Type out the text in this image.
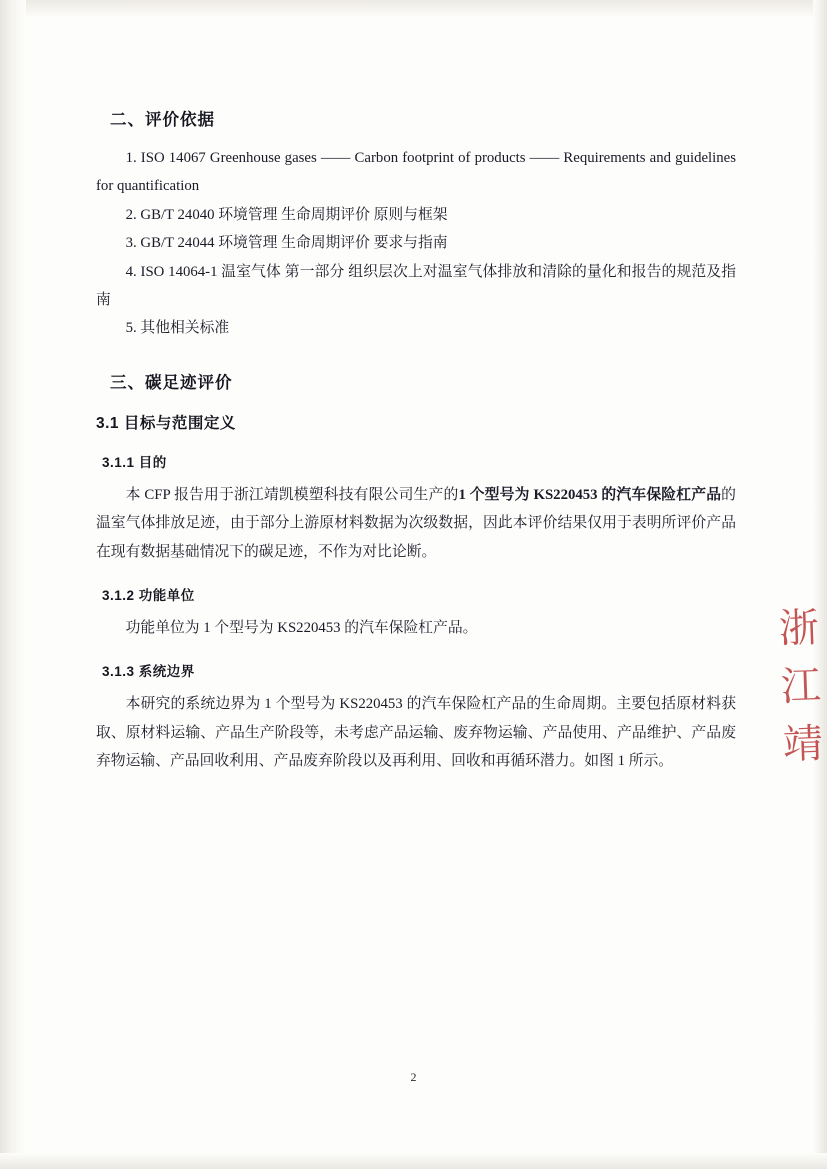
二、评价依据

1. ISO 14067 Greenhouse gases —— Carbon footprint of products —— Requirements and guidelines for quantification

2. GB/T 24040 环境管理 生命周期评价 原则与框架

3. GB/T 24044 环境管理 生命周期评价 要求与指南

4. ISO 14064-1 温室气体 第一部分 组织层次上对温室气体排放和清除的量化和报告的规范及指南

5. 其他相关标准

三、碳足迹评价
3.1 目标与范围定义
3.1.1 目的

本 CFP 报告用于浙江靖凯模塑科技有限公司生产的1 个型号为 KS220453 的汽车保险杠产品的温室气体排放足迹，由于部分上游原材料数据为次级数据，因此本评价结果仅用于表明所评价产品在现有数据基础情况下的碳足迹，不作为对比论断。

3.1.2 功能单位

功能单位为 1 个型号为 KS220453 的汽车保险杠产品。

3.1.3 系统边界

本研究的系统边界为 1 个型号为 KS220453 的汽车保险杠产品的生命周期。主要包括原材料获取、原材料运输、产品生产阶段等，未考虑产品运输、废弃物运输、产品使用、产品维护、产品废弃物运输、产品回收利用、产品废弃阶段以及再利用、回收和再循环潜力。如图 1 所示。

浙
江
靖
2
